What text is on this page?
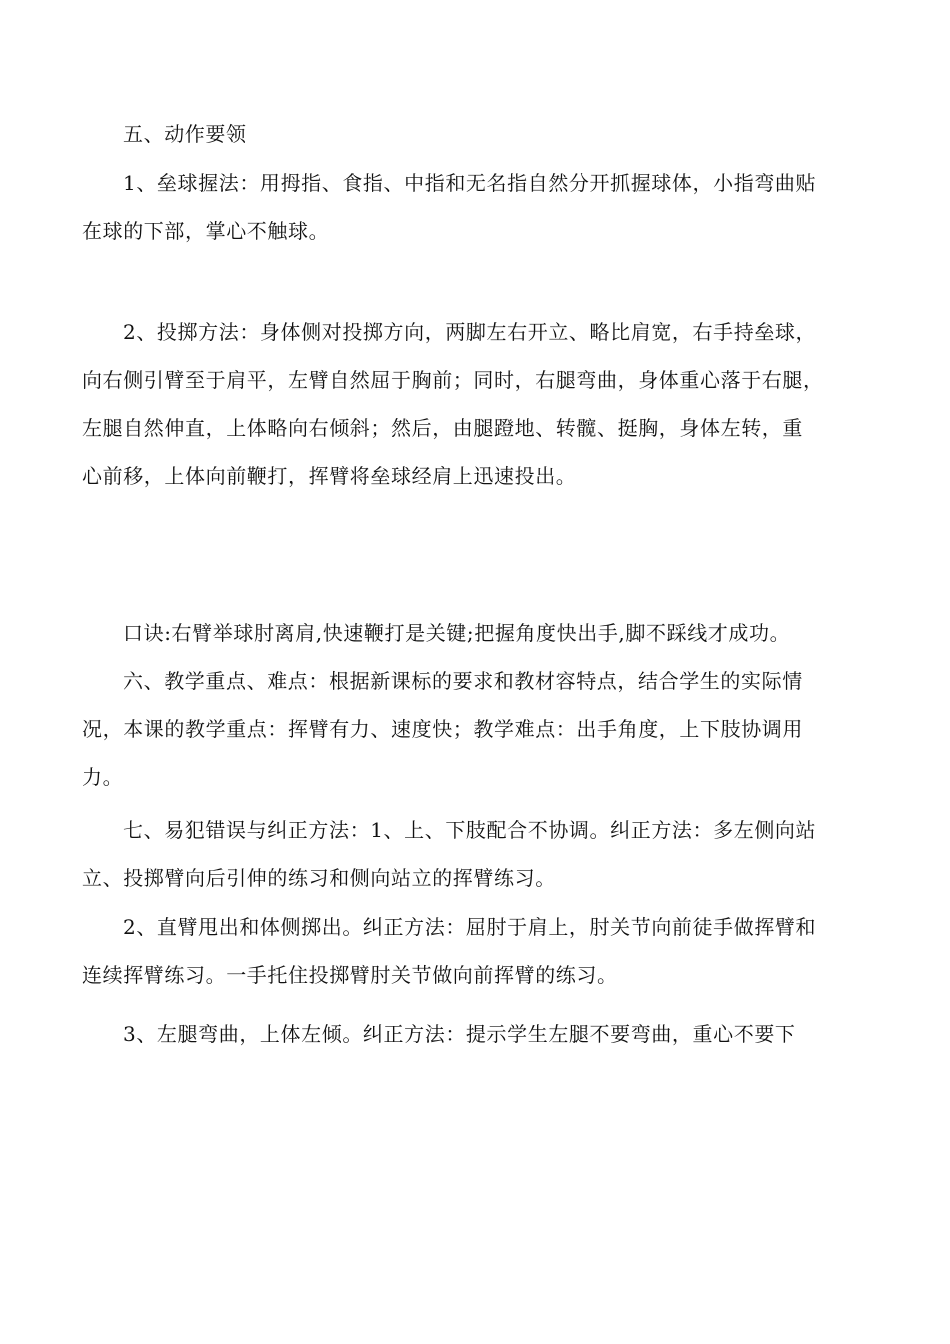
五、动作要领

1、垒球握法：用拇指、食指、中指和无名指自然分开抓握球体，小指弯曲贴
在球的下部，掌心不触球。

2、投掷方法：身体侧对投掷方向，两脚左右开立、略比肩宽，右手持垒球，
向右侧引臂至于肩平，左臂自然屈于胸前；同时，右腿弯曲，身体重心落于右腿，
左腿自然伸直，上体略向右倾斜；然后，由腿蹬地、转髋、挺胸，身体左转，重
心前移，上体向前鞭打，挥臂将垒球经肩上迅速投出。

口诀:右臂举球肘离肩,快速鞭打是关键;把握角度快出手,脚不踩线才成功。

六、教学重点、难点：根据新课标的要求和教材容特点，结合学生的实际情
况，本课的教学重点：挥臂有力、速度快；教学难点：出手角度，上下肢协调用
力。

七、易犯错误与纠正方法：1、上、下肢配合不协调。纠正方法：多左侧向站
立、投掷臂向后引伸的练习和侧向站立的挥臂练习。

2、直臂甩出和体侧掷出。纠正方法：屈肘于肩上，肘关节向前徒手做挥臂和
连续挥臂练习。一手托住投掷臂肘关节做向前挥臂的练习。

3、左腿弯曲，上体左倾。纠正方法：提示学生左腿不要弯曲，重心不要下
